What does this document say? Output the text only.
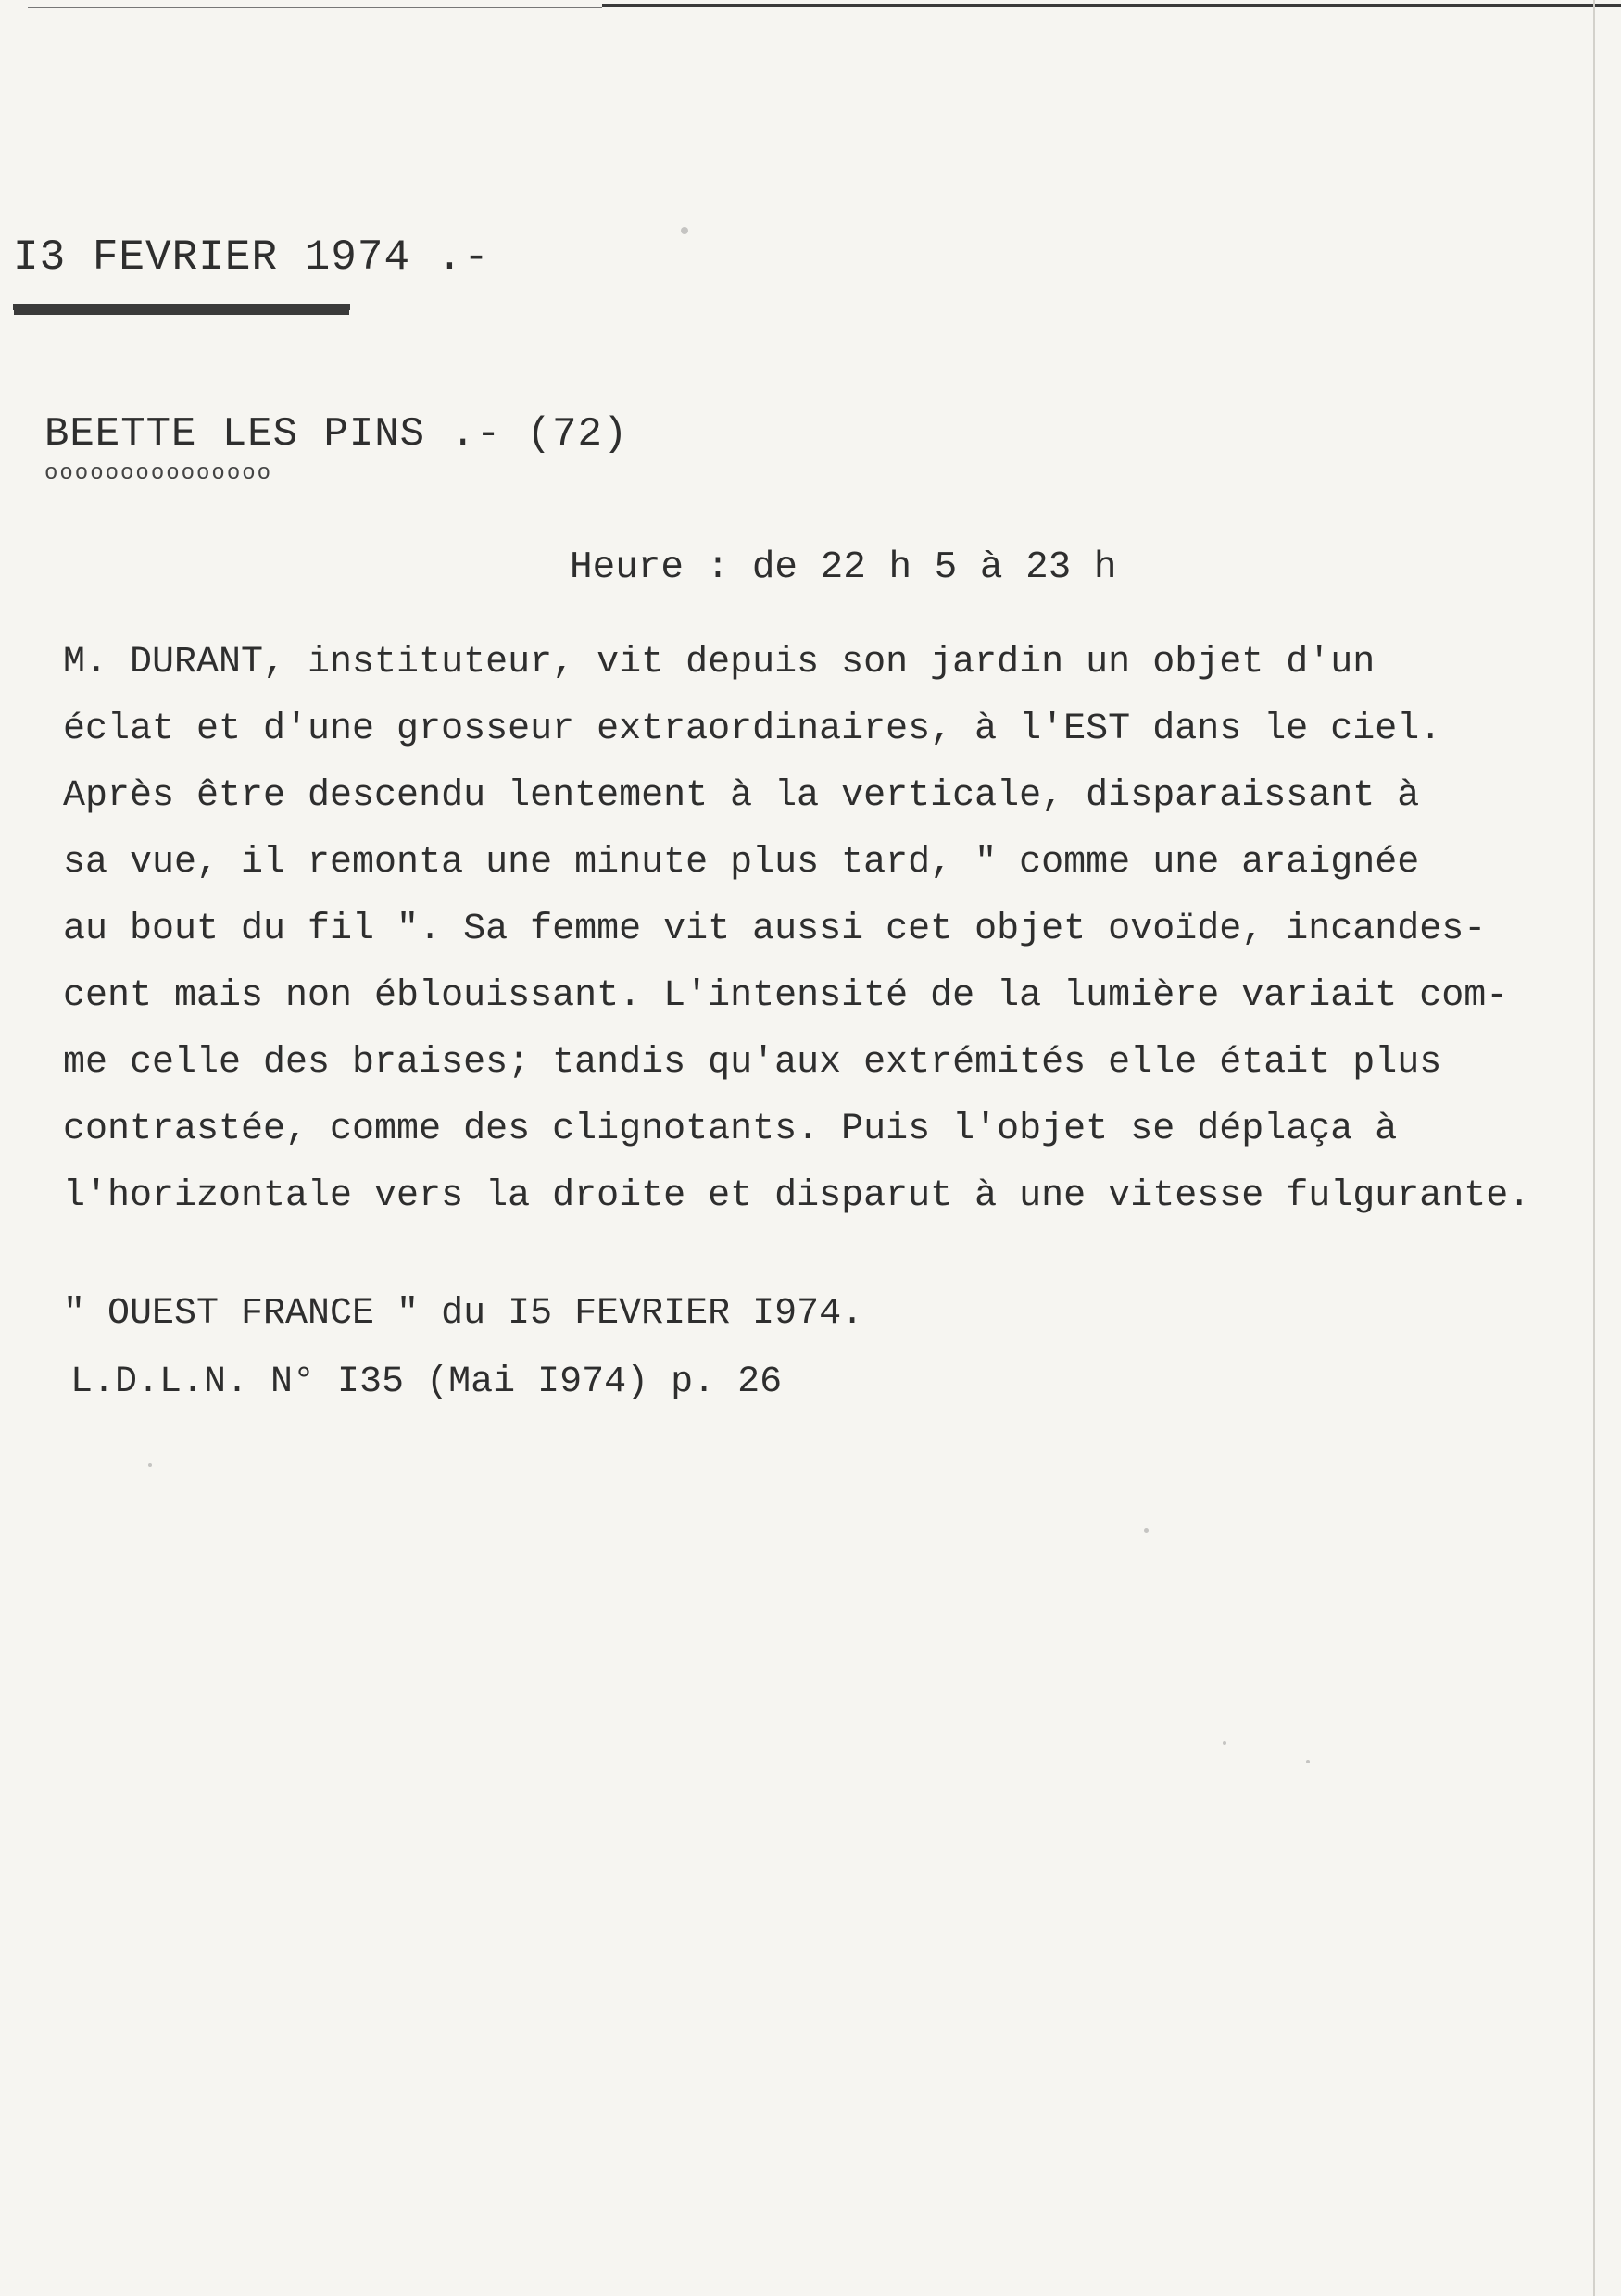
I3 FEVRIER 1974 .-
BEETTE LES PINS .- (72)
ooooooooooooooo
Heure : de 22 h 5 à 23 h
M. DURANT, instituteur, vit depuis son jardin un objet d'un
éclat et d'une grosseur extraordinaires, à l'EST dans le ciel.
Après être descendu lentement à la verticale, disparaissant à
sa vue, il remonta une minute plus tard, " comme une araignée
au bout du fil ". Sa femme vit aussi cet objet ovoïde, incandes-
cent mais non éblouissant. L'intensité de la lumière variait com-
me celle des braises; tandis qu'aux extrémités elle était plus
contrastée, comme des clignotants. Puis l'objet se déplaça à
l'horizontale vers la droite et disparut à une vitesse fulgurante.
" OUEST FRANCE " du I5 FEVRIER I974.
L.D.L.N. N° I35 (Mai I974) p. 26
